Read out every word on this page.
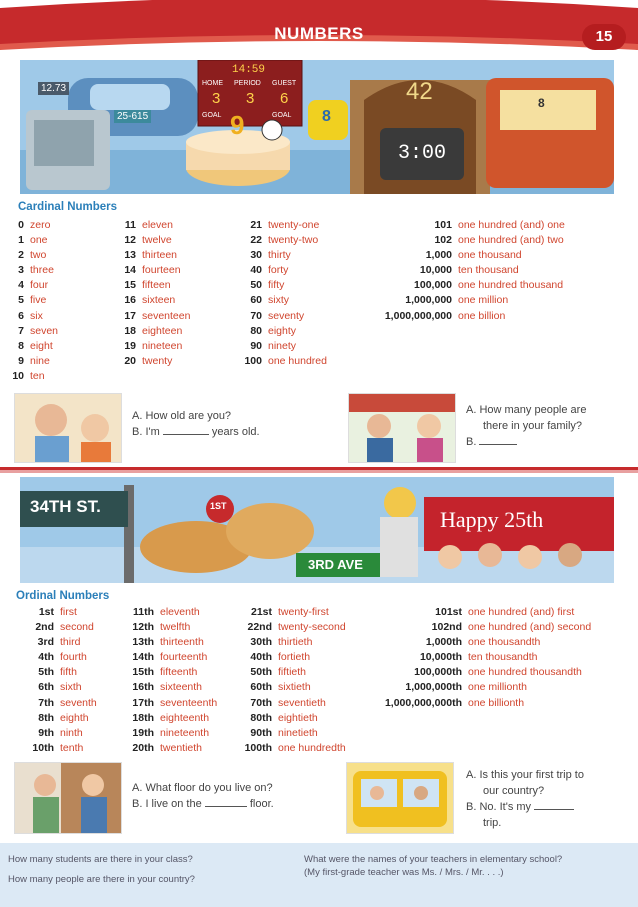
NUMBERS	15
9
12.73
25-615
14:59
HOME PERIOD GUEST
3 3 6
GOAL	GOAL 8
42
3:00
8
Cardinal Numbers
0 zero
1 one
2 two
3 three
4 four
5 five
6 six
7 seven
8 eight
9 nine
10 ten
11 eleven
12 twelve
13 thirteen
14 fourteen
15 fifteen
16 sixteen
17 seventeen
18 eighteen
19 nineteen
20 twenty
21 twenty-one
22 twenty-two
30 thirty
40 forty
50 fifty
60 sixty
70 seventy
80 eighty
90 ninety
100 one hundred
101 one hundred (and) one
102 one hundred (and) two
1,000 one thousand
10,000 ten thousand
100,000 one hundred thousand
1,000,000 one million
1,000,000,000 one billion
A. How old are you?
B. I'm	years old.
A. How many people are
there in your family?
B.
34TH ST.	1ST
3RD AVE
Happy 25th
Ordinal Numbers
1st first
2nd second
3rd third
4th fourth
5th fifth
6th sixth
7th seventh
8th eighth
9th ninth
10th tenth
11th eleventh
12th twelfth
13th thirteenth
14th fourteenth
15th fifteenth
16th sixteenth
17th seventeenth
18th eighteenth
19th nineteenth
20th twentieth
21st twenty-first
22nd twenty-second
30th thirtieth
40th fortieth
50th fiftieth
60th sixtieth
70th seventieth
80th eightieth
90th ninetieth
100th one hundredth
101st one hundred (and) first
102nd one hundred (and) second
1,000th one thousandth
10,000th ten thousandth
100,000th one hundred thousandth
1,000,000th one millionth
1,000,000,000th one billionth
A. What floor do you live on?
B. I live on the	floor.
A. Is this your first trip to
our country?
B. No. It's my
trip.
How many students are there in your class?
How many people are there in your country?
What were the names of your teachers in elementary school?
(My first-grade teacher was Ms. / Mrs. / Mr. . . .)
